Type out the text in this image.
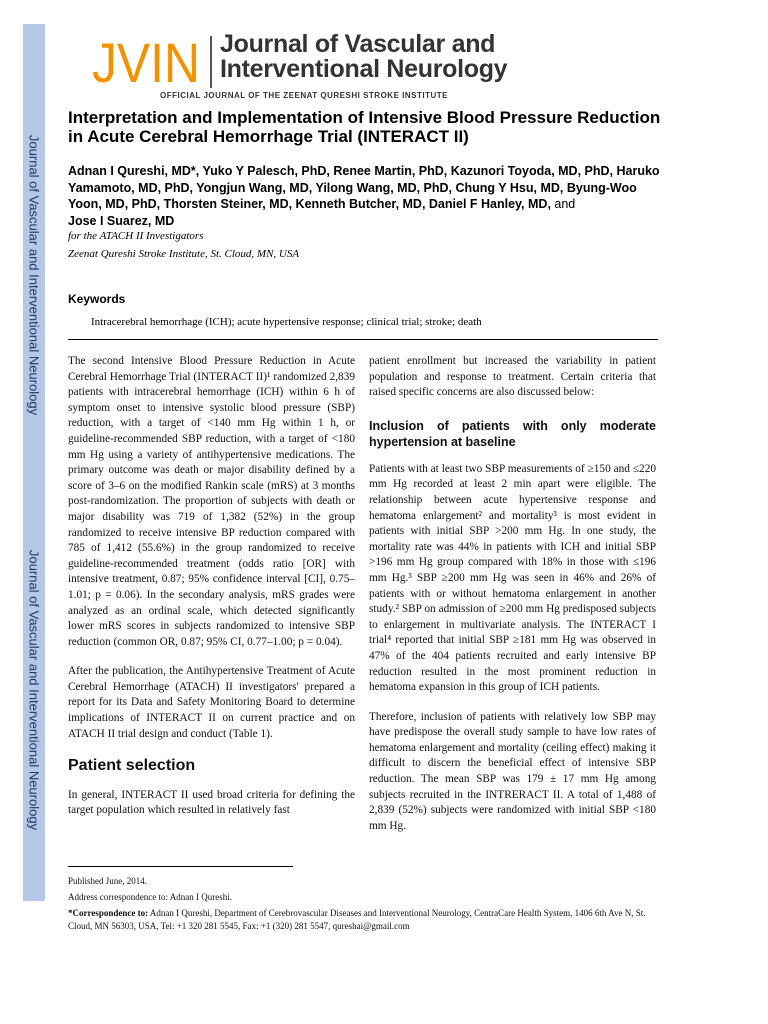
Journal of Vascular and Interventional Neurology
Journal of Vascular and Interventional Neurology
JVIN Journal of Vascular and
Interventional Neurology
OFFICIAL JOURNAL OF THE ZEENAT QURESHI STROKE INSTITUTE
Interpretation and Implementation of Intensive Blood Pressure Reduction in Acute Cerebral Hemorrhage Trial (INTERACT II)
Adnan I Qureshi, MD*, Yuko Y Palesch, PhD, Renee Martin, PhD, Kazunori Toyoda, MD, PhD, Haruko Yamamoto, MD, PhD, Yongjun Wang, MD, Yilong Wang, MD, PhD, Chung Y Hsu, MD, Byung-Woo Yoon, MD, PhD, Thorsten Steiner, MD, Kenneth Butcher, MD, Daniel F Hanley, MD, and
Jose I Suarez, MD
for the ATACH II Investigators
Zeenat Qureshi Stroke Institute, St. Cloud, MN, USA
Keywords
Intracerebral hemorrhage (ICH); acute hypertensive response; clinical trial; stroke; death

The second Intensive Blood Pressure Reduction in Acute Cerebral Hemorrhage Trial (INTERACT II)¹ randomized 2,839 patients with intracerebral hemorrhage (ICH) within 6 h of symptom onset to intensive systolic blood pressure (SBP) reduction, with a target of <140 mm Hg within 1 h, or guideline-recommended SBP reduction, with a target of <180 mm Hg using a variety of antihypertensive medications. The primary outcome was death or major disability defined by a score of 3–6 on the modified Rankin scale (mRS) at 3 months post-randomization. The proportion of subjects with death or major disability was 719 of 1,382 (52%) in the group randomized to receive intensive BP reduction compared with 785 of 1,412 (55.6%) in the group randomized to receive guideline-recommended treatment (odds ratio [OR] with intensive treatment, 0.87; 95% confidence interval [CI], 0.75–1.01; p = 0.06). In the secondary analysis, mRS grades were analyzed as an ordinal scale, which detected significantly lower mRS scores in subjects randomized to intensive SBP reduction (common OR, 0.87; 95% CI, 0.77–1.00; p = 0.04).

After the publication, the Antihypertensive Treatment of Acute Cerebral Hemorrhage (ATACH) II investigators' prepared a report for its Data and Safety Monitoring Board to determine implications of INTERACT II on current practice and on ATACH II trial design and conduct (Table 1).

Patient selection

In general, INTERACT II used broad criteria for defining the target population which resulted in relatively fast

patient enrollment but increased the variability in patient population and response to treatment. Certain criteria that raised specific concerns are also discussed below:

Inclusion of patients with only moderate hypertension at baseline

Patients with at least two SBP measurements of ≥150 and ≤220 mm Hg recorded at least 2 min apart were eligible. The relationship between acute hypertensive response and hematoma enlargement² and mortality³ is most evident in patients with initial SBP >200 mm Hg. In one study, the mortality rate was 44% in patients with ICH and initial SBP >196 mm Hg group compared with 18% in those with ≤196 mm Hg.³ SBP ≥200 mm Hg was seen in 46% and 26% of patients with or without hematoma enlargement in another study.² SBP on admission of ≥200 mm Hg predisposed subjects to enlargement in multivariate analysis. The INTERACT I trial⁴ reported that initial SBP ≥181 mm Hg was observed in 47% of the 404 patients recruited and early intensive BP reduction resulted in the most prominent reduction in hematoma expansion in this group of ICH patients.

Therefore, inclusion of patients with relatively low SBP may have predispose the overall study sample to have low rates of hematoma enlargement and mortality (ceiling effect) making it difficult to discern the beneficial effect of intensive SBP reduction. The mean SBP was 179 ± 17 mm Hg among subjects recruited in the INTRERACT II. A total of 1,488 of 2,839 (52%) subjects were randomized with initial SBP <180 mm Hg.

Published June, 2014.
Address correspondence to: Adnan I Qureshi.
*Correspondence to: Adnan I Qureshi, Department of Cerebrovascular Diseases and Interventional Neurology, CentraCare Health System, 1406 6th Ave N, St. Cloud, MN 56303, USA, Tel: +1 320 281 5545, Fax: +1 (320) 281 5547, qureshai@gmail.com
